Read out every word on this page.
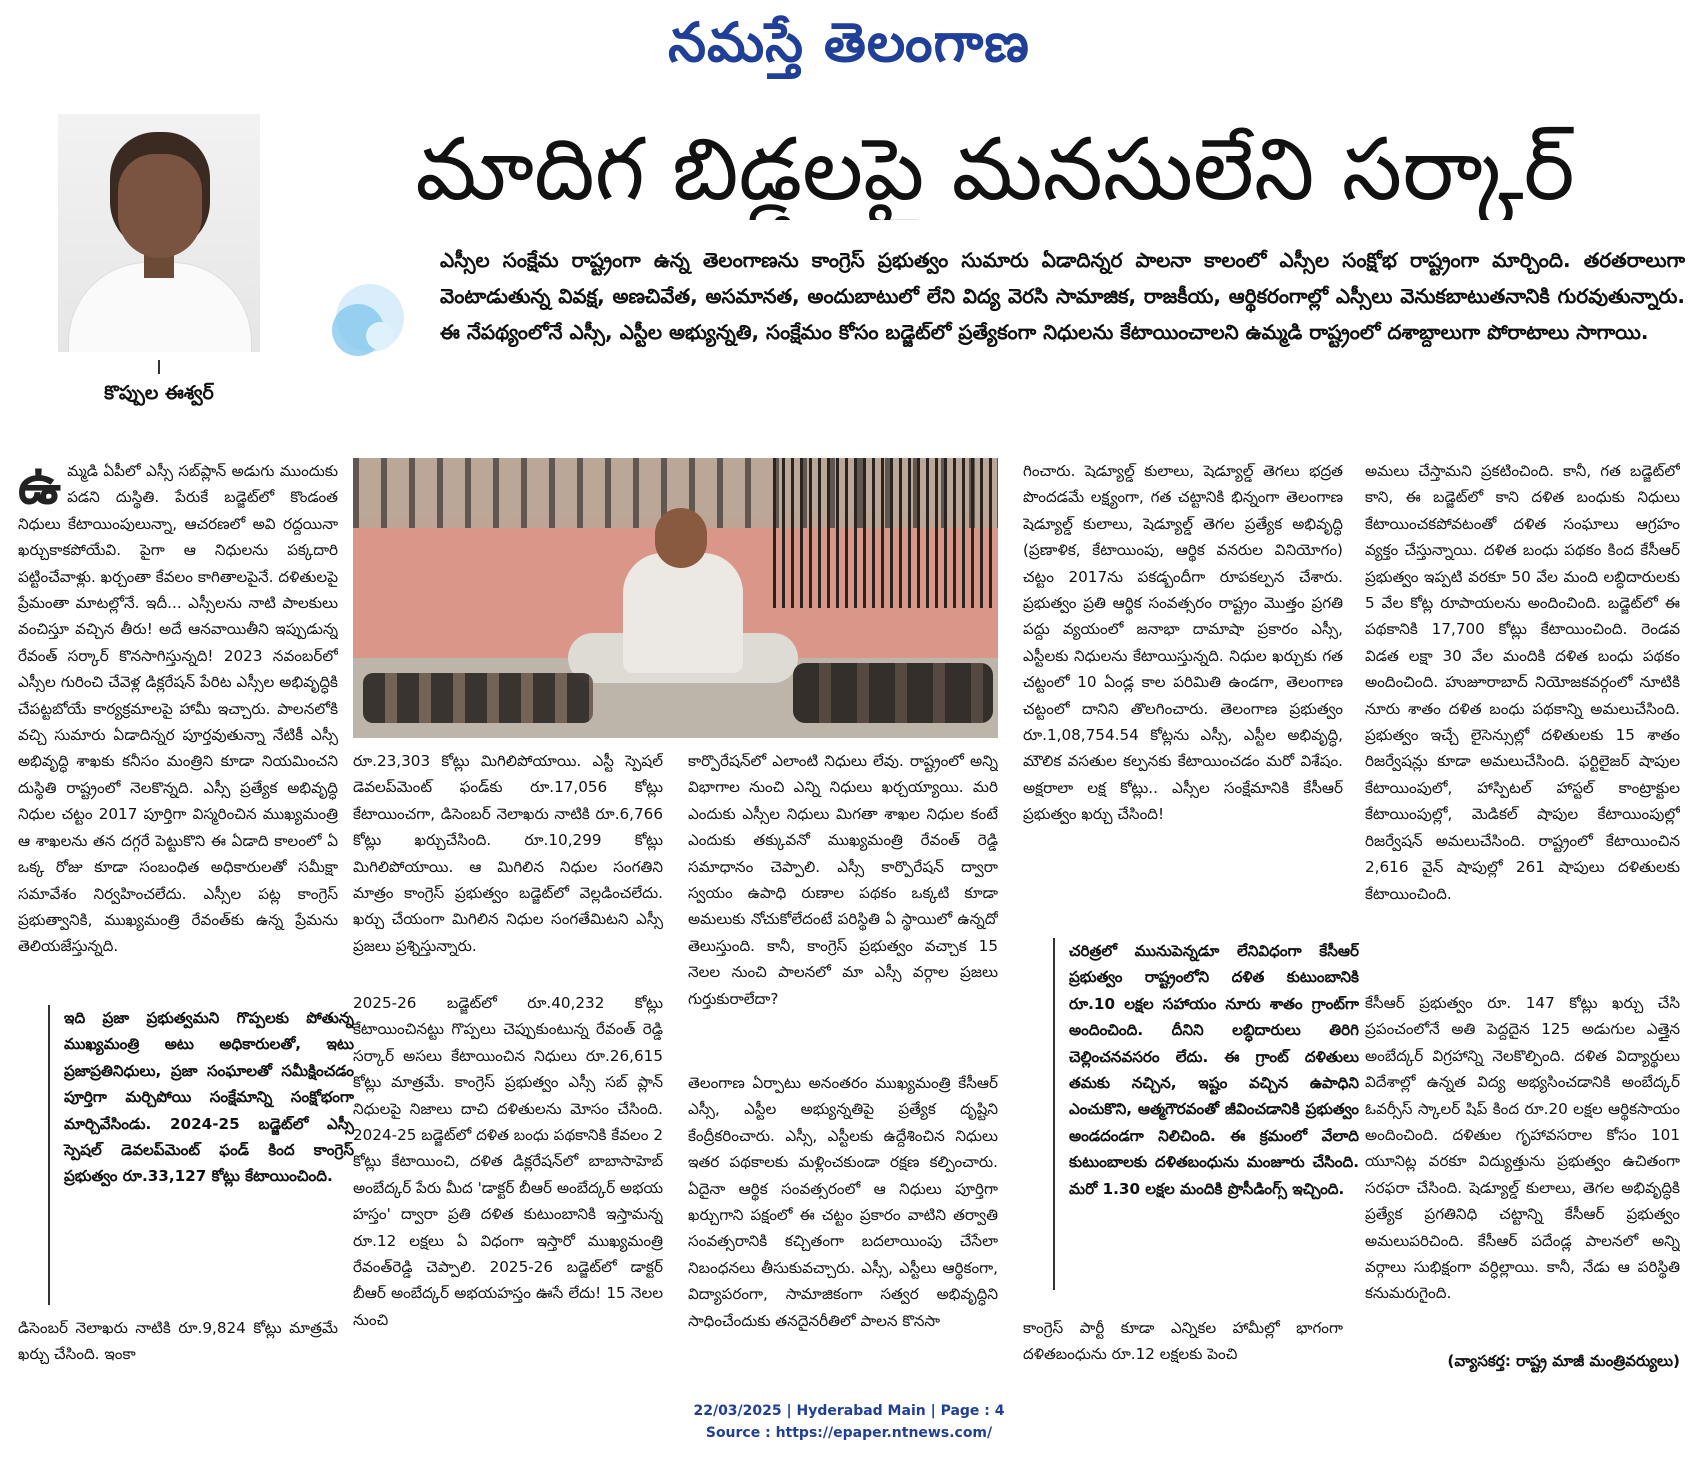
నమస్తే తెలంగాణ
కొప్పుల ఈశ్వర్
మాదిగ బిడ్డలపై మనసులేని సర్కార్
ఎస్సీల సంక్షేమ రాష్ట్రంగా ఉన్న తెలంగాణను కాంగ్రెస్ ప్రభుత్వం సుమారు ఏడాదిన్నర పాలనా కాలంలో ఎస్సీల సంక్షోభ రాష్ట్రంగా మార్చింది. తరతరాలుగా వెంటాడుతున్న వివక్ష, అణచివేత, అసమానత, అందుబాటులో లేని విద్య వెరసి సామాజిక, రాజకీయ, ఆర్థికరంగాల్లో ఎస్సీలు వెనుకబాటుతనానికి గురవుతున్నారు. ఈ నేపథ్యంలోనే ఎస్సీ, ఎస్టీల అభ్యున్నతి, సంక్షేమం కోసం బడ్జెట్‌లో ప్రత్యేకంగా నిధులను కేటాయించాలని ఉమ్మడి రాష్ట్రంలో దశాబ్దాలుగా పోరాటాలు సాగాయి.
ఉ మ్మడి ఏపీలో ఎస్సీ సబ్‌ప్లాన్ అడుగు ముందుకు పడని దుస్థితి. పేరుకే బడ్జెట్‌లో కొండంత నిధులు కేటాయింపులున్నా, ఆచరణలో అవి రద్దయినా ఖర్చుకాకపోయేవి. పైగా ఆ నిధులను పక్కదారి పట్టించేవాళ్లు. ఖర్చంతా కేవలం కాగితాలపైనే. దళితులపై ప్రేమంతా మాటల్లోనే. ఇదీ... ఎస్సీలను నాటి పాలకులు వంచిస్తూ వచ్చిన తీరు! అదే ఆనవాయితీని ఇప్పుడున్న రేవంత్ సర్కార్ కొనసాగిస్తున్నది! 2023 నవంబర్‌లో ఎస్సీల గురించి చేవెళ్ల డిక్లరేషన్ పేరిట ఎస్సీల అభివృద్ధికి చేపట్టబోయే కార్యక్రమాలపై హామీ ఇచ్చారు. పాలనలోకి వచ్చి సుమారు ఏడాదిన్నర పూర్తవుతున్నా నేటికీ ఎస్సీ అభివృద్ధి శాఖకు కనీసం మంత్రిని కూడా నియమించని దుస్థితి రాష్ట్రంలో నెలకొన్నది. ఎస్సీ ప్రత్యేక అభివృద్ధి నిధుల చట్టం 2017 పూర్తిగా విస్మరించిన ముఖ్యమంత్రి ఆ శాఖలను తన దగ్గరే పెట్టుకొని ఈ ఏడాది కాలంలో ఏ ఒక్క రోజు కూడా సంబంధిత అధికారులతో సమీక్షా సమావేశం నిర్వహించలేదు. ఎస్సీల పట్ల కాంగ్రెస్ ప్రభుత్వానికి, ముఖ్యమంత్రి రేవంత్‌కు ఉన్న ప్రేమను తెలియజేస్తున్నది.
ఇది ప్రజా ప్రభుత్వమని గొప్పలకు పోతున్న ముఖ్యమంత్రి అటు అధికారులతో, ఇటు ప్రజాప్రతినిధులు, ప్రజా సంఘాలతో సమీక్షించడం పూర్తిగా మర్చిపోయి సంక్షేమాన్ని సంక్షోభంగా మార్చివేసిండు. 2024-25 బడ్జెట్‌లో ఎస్సీ స్పెషల్ డెవలప్‌మెంట్ ఫండ్ కింద కాంగ్రెస్ ప్రభుత్వం రూ.33,127 కోట్లు కేటాయించింది.
డిసెంబర్ నెలాఖరు నాటికి రూ.9,824 కోట్లు మాత్రమే ఖర్చు చేసింది. ఇంకా
రూ.23,303 కోట్లు మిగిలిపోయాయి. ఎస్టీ స్పెషల్ డెవలప్‌మెంట్ ఫండ్‌కు రూ.17,056 కోట్లు కేటాయించగా, డిసెంబర్ నెలాఖరు నాటికి రూ.6,766 కోట్లు ఖర్చుచేసింది. రూ.10,299 కోట్లు మిగిలిపోయాయి. ఆ మిగిలిన నిధుల సంగతిని మాత్రం కాంగ్రెస్ ప్రభుత్వం బడ్జెట్‌లో వెల్లడించలేదు. ఖర్చు చేయంగా మిగిలిన నిధుల సంగతేమిటని ఎస్సీ ప్రజలు ప్రశ్నిస్తున్నారు.
2025-26 బడ్జెట్‌లో రూ.40,232 కోట్లు కేటాయించినట్టు గొప్పలు చెప్పుకుంటున్న రేవంత్ రెడ్డి సర్కార్ అసలు కేటాయించిన నిధులు రూ.26,615 కోట్లు మాత్రమే. కాంగ్రెస్ ప్రభుత్వం ఎస్సీ సబ్ ప్లాన్ నిధులపై నిజాలు దాచి దళితులను మోసం చేసింది. 2024-25 బడ్జెట్‌లో దళిత బంధు పథకానికి కేవలం 2 కోట్లు కేటాయించి, దళిత డిక్లరేషన్‌లో బాబాసాహెబ్ అంబేద్కర్ పేరు మీద 'డాక్టర్ బీఆర్ అంబేద్కర్ అభయ హస్తం' ద్వారా ప్రతి దళిత కుటుంబానికి ఇస్తామన్న రూ.12 లక్షలు ఏ విధంగా ఇస్తారో ముఖ్యమంత్రి రేవంత్‌రెడ్డి చెప్పాలి. 2025-26 బడ్జెట్‌లో డాక్టర్ బీఆర్ అంబేద్కర్ అభయహస్తం ఊసే లేదు! 15 నెలల నుంచి
కార్పొరేషన్‌లో ఎలాంటి నిధులు లేవు. రాష్ట్రంలో అన్ని విభాగాల నుంచి ఎన్ని నిధులు ఖర్చయ్యాయి. మరి ఎందుకు ఎస్సీల నిధులు మిగతా శాఖల నిధుల కంటే ఎందుకు తక్కువనో ముఖ్యమంత్రి రేవంత్ రెడ్డి సమాధానం చెప్పాలి. ఎస్సీ కార్పొరేషన్ ద్వారా స్వయం ఉపాధి రుణాల పథకం ఒక్కటి కూడా అమలుకు నోచుకోలేదంటే పరిస్థితి ఏ స్థాయిలో ఉన్నదో తెలుస్తుంది. కానీ, కాంగ్రెస్ ప్రభుత్వం వచ్చాక 15 నెలల నుంచి పాలనలో మా ఎస్సీ వర్గాల ప్రజలు గుర్తుకురాలేదా?
తెలంగాణ ఏర్పాటు అనంతరం ముఖ్యమంత్రి కేసీఆర్ ఎస్సీ, ఎస్టీల అభ్యున్నతిపై ప్రత్యేక దృష్టిని కేంద్రీకరించారు. ఎస్సీ, ఎస్టీలకు ఉద్దేశించిన నిధులు ఇతర పథకాలకు మళ్లించకుండా రక్షణ కల్పించారు. ఏదైనా ఆర్థిక సంవత్సరంలో ఆ నిధులు పూర్తిగా ఖర్చుగాని పక్షంలో ఈ చట్టం ప్రకారం వాటిని తర్వాతి సంవత్సరానికి కచ్చితంగా బదలాయింపు చేసేలా నిబంధనలు తీసుకువచ్చారు. ఎస్సీ, ఎస్టీలు ఆర్థికంగా, విద్యాపరంగా, సామాజికంగా సత్వర అభివృద్ధిని సాధించేందుకు తనదైనరీతిలో పాలన కొనసా
గించారు. షెడ్యూల్డ్ కులాలు, షెడ్యూల్డ్ తెగలు భద్రత పొందడమే లక్ష్యంగా, గత చట్టానికి భిన్నంగా తెలంగాణ షెడ్యూల్డ్ కులాలు, షెడ్యూల్డ్ తెగల ప్రత్యేక అభివృద్ధి (ప్రణాళిక, కేటాయింపు, ఆర్థిక వనరుల వినియోగం) చట్టం 2017ను పకడ్బందీగా రూపకల్పన చేశారు. ప్రభుత్వం ప్రతి ఆర్థిక సంవత్సరం రాష్ట్రం మొత్తం ప్రగతి పద్దు వ్యయంలో జనాభా దామాషా ప్రకారం ఎస్సీ, ఎస్టీలకు నిధులను కేటాయిస్తున్నది. నిధుల ఖర్చుకు గత చట్టంలో 10 ఏండ్ల కాల పరిమితి ఉండగా, తెలంగాణ చట్టంలో దానిని తొలగించారు. తెలంగాణ ప్రభుత్వం రూ.1,08,754.54 కోట్లను ఎస్సీ, ఎస్టీల అభివృద్ధి, మౌలిక వసతుల కల్పనకు కేటాయించడం మరో విశేషం. అక్షరాలా లక్ష కోట్లు.. ఎస్సీల సంక్షేమానికి కేసీఆర్ ప్రభుత్వం ఖర్చు చేసింది!
చరిత్రలో మునుపెన్నడూ లేనివిధంగా కేసీఆర్ ప్రభుత్వం రాష్ట్రంలోని దళిత కుటుంబానికి రూ.10 లక్షల సహాయం నూరు శాతం గ్రాంట్‌గా అందించింది. దీనిని లబ్ధిదారులు తిరిగి చెల్లించనవసరం లేదు. ఈ గ్రాంట్ దళితులు తమకు నచ్చిన, ఇష్టం వచ్చిన ఉపాధిని ఎంచుకొని, ఆత్మగౌరవంతో జీవించడానికి ప్రభుత్వం అండదండగా నిలిచింది. ఈ క్రమంలో వేలాది కుటుంబాలకు దళితబంధును మంజూరు చేసింది. మరో 1.30 లక్షల మందికి ప్రొసీడింగ్స్ ఇచ్చింది.
కాంగ్రెస్ పార్టీ కూడా ఎన్నికల హామీల్లో భాగంగా దళితబంధును రూ.12 లక్షలకు పెంచి
అమలు చేస్తామని ప్రకటించింది. కానీ, గత బడ్జెట్‌లో కాని, ఈ బడ్జెట్‌లో కాని దళిత బంధుకు నిధులు కేటాయించకపోవటంతో దళిత సంఘాలు ఆగ్రహం వ్యక్తం చేస్తున్నాయి. దళిత బంధు పథకం కింద కేసీఆర్ ప్రభుత్వం ఇప్పటి వరకూ 50 వేల మంది లబ్ధిదారులకు 5 వేల కోట్ల రూపాయలను అందించింది. బడ్జెట్‌లో ఈ పథకానికి 17,700 కోట్లు కేటాయించింది. రెండవ విడత లక్షా 30 వేల మందికి దళిత బంధు పథకం అందించింది. హుజూరాబాద్ నియోజకవర్గంలో నూటికి నూరు శాతం దళిత బంధు పథకాన్ని అమలుచేసింది. ప్రభుత్వం ఇచ్చే లైసెన్సుల్లో దళితులకు 15 శాతం రిజర్వేషన్లు కూడా అమలుచేసింది. ఫర్టిలైజర్ షాపుల కేటాయింపులో, హాస్పిటల్ హాస్టల్ కాంట్రాక్టుల కేటాయింపుల్లో, మెడికల్ షాపుల కేటాయింపుల్లో రిజర్వేషన్ అమలుచేసింది. రాష్ట్రంలో కేటాయించిన 2,616 వైన్ షాపుల్లో 261 షాపులు దళితులకు కేటాయించింది.
కేసీఆర్ ప్రభుత్వం రూ. 147 కోట్లు ఖర్చు చేసి ప్రపంచంలోనే అతి పెద్దదైన 125 అడుగుల ఎత్తైన అంబేద్కర్ విగ్రహాన్ని నెలకొల్పింది. దళిత విద్యార్థులు విదేశాల్లో ఉన్నత విద్య అభ్యసించడానికి అంబేద్కర్ ఓవర్సీస్ స్కాలర్ షిప్ కింద రూ.20 లక్షల ఆర్థికసాయం అందించింది. దళితుల గృహావసరాల కోసం 101 యూనిట్ల వరకూ విద్యుత్తును ప్రభుత్వం ఉచితంగా సరఫరా చేసింది. షెడ్యూల్డ్ కులాలు, తెగల అభివృద్ధికి ప్రత్యేక ప్రగతినిధి చట్టాన్ని కేసీఆర్ ప్రభుత్వం అమలుపరిచింది. కేసీఆర్ పదేండ్ల పాలనలో అన్ని వర్గాలు సుభిక్షంగా వర్ధిల్లాయి. కానీ, నేడు ఆ పరిస్థితి కనుమరుగైంది.
(వ్యాసకర్త: రాష్ట్ర మాజీ మంత్రివర్యులు)
22/03/2025 | Hyderabad Main | Page : 4
Source : https://epaper.ntnews.com/
